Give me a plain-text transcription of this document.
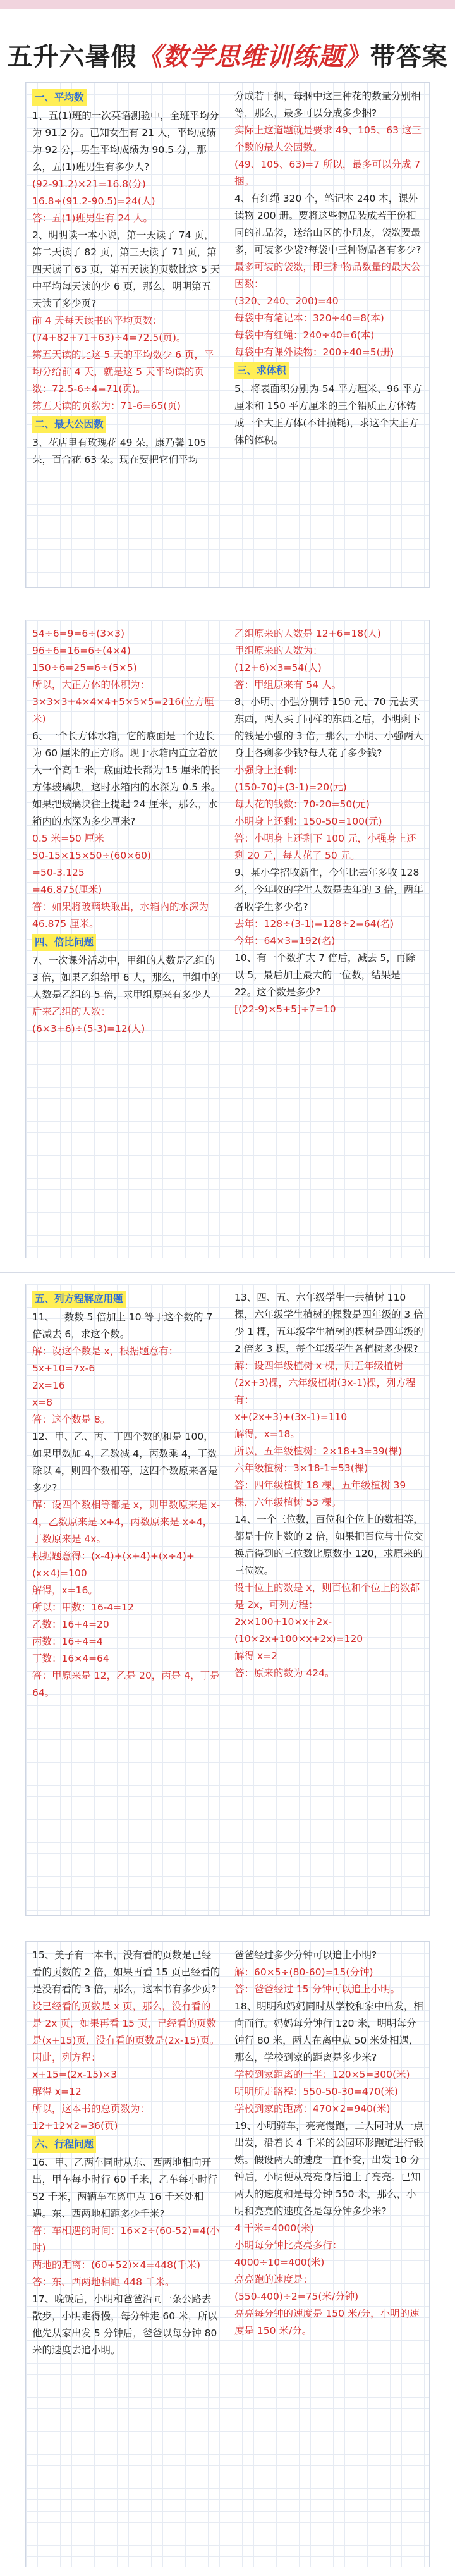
五升六暑假《数学思维训练题》带答案
一、平均数

1、五(1)班的一次英语测验中，全班平均分为 91.2 分。已知女生有 21 人，平均成绩为 92 分，男生平均成绩为 90.5 分，那么，五(1)班男生有多少人?

(92-91.2)×21=16.8(分)

16.8÷(91.2-90.5)=24(人)

答：五(1)班男生有 24 人。

2、明明读一本小说，第一天读了 74 页，第二天读了 82 页，第三天读了 71 页，第四天读了 63 页，第五天读的页数比这 5 天中平均每天读的少 6 页，那么，明明第五天读了多少页?

前 4 天每天读书的平均页数：(74+82+71+63)÷4=72.5(页)。

第五天读的比这 5 天的平均数少 6 页，平均分给前 4 天，就是这 5 天平均读的页数：72.5-6÷4=71(页)。

第五天读的页数为：71-6=65(页)

二、最大公因数

3、花店里有玫瑰花 49 朵，康乃馨 105 朵，百合花 63 朵。现在要把它们平均

分成若干捆，每捆中这三种花的数量分别相等，那么，最多可以分成多少捆?

实际上这道题就是要求 49、105、63 这三个数的最大公因数。

(49、105、63)=7 所以，最多可以分成 7 捆。

4、有红绳 320 个，笔记本 240 本，课外读物 200 册。要将这些物品装成若干份相同的礼品袋，送给山区的小朋友，袋数要最多，可装多少袋?每袋中三种物品各有多少?

最多可装的袋数，即三种物品数量的最大公因数：

(320、240、200)=40

每袋中有笔记本：320÷40=8(本)

每袋中有红绳：240÷40=6(本)

每袋中有课外读物：200÷40=5(册)

三、求体积

5、将表面积分别为 54 平方厘米、96 平方厘米和 150 平方厘米的三个铅质正方体铸成一个大正方体(不计损耗)，求这个大正方体的体积。

54÷6=9=6÷(3×3)

96÷6=16=6÷(4×4)

150÷6=25=6÷(5×5)

所以，大正方体的体积为：

3×3×3+4×4×4+5×5×5=216(立方厘米)

6、一个长方体水箱，它的底面是一个边长为 60 厘米的正方形。现于水箱内直立着放入一个高 1 米，底面边长都为 15 厘米的长方体玻璃块，这时水箱内的水深为 0.5 米。如果把玻璃块往上提起 24 厘米，那么，水箱内的水深为多少厘米?

0.5 米=50 厘米

50-15×15×50÷(60×60)

=50-3.125

=46.875(厘米)

答：如果将玻璃块取出，水箱内的水深为 46.875 厘米。

四、倍比问题

7、一次课外活动中，甲组的人数是乙组的 3 倍，如果乙组给甲 6 人，那么，甲组中的人数是乙组的 5 倍，求甲组原来有多少人

后来乙组的人数：

(6×3+6)÷(5-3)=12(人)

乙组原来的人数是 12+6=18(人)

甲组原来的人数为：

(12+6)×3=54(人)

答：甲组原来有 54 人。

8、小明、小强分别带 150 元、70 元去买东西，两人买了同样的东西之后，小明剩下的钱是小强的 3 倍，那么，小明、小强两人身上各剩多少钱?每人花了多少钱?

小强身上还剩：

(150-70)÷(3-1)=20(元)

每人花的钱数：70-20=50(元)

小明身上还剩：150-50=100(元)

答：小明身上还剩下 100 元，小强身上还剩 20 元，每人花了 50 元。

9、某小学招收新生，今年比去年多收 128 名，今年收的学生人数是去年的 3 倍，两年各收学生多少名?

去年：128÷(3-1)=128÷2=64(名)

今年：64×3=192(名)

10、有一个数扩大 7 倍后，减去 5，再除以 5，最后加上最大的一位数，结果是 22。这个数是多少?

[(22-9)×5+5]÷7=10

五、列方程解应用题

11、一数数 5 倍加上 10 等于这个数的 7 倍减去 6，求这个数。

解：设这个数是 x，根据题意有：

5x+10=7x-6

2x=16

x=8

答：这个数是 8。

12、甲、乙、丙、丁四个数的和是 100，如果甲数加 4，乙数减 4，丙数乘 4，丁数除以 4，则四个数相等，这四个数原来各是多少?

解：设四个数相等都是 x，则甲数原来是 x-4，乙数原来是 x+4，丙数原来是 x÷4，丁数原来是 4x。

根据题意得：(x-4)+(x+4)+(x÷4)+(x×4)=100

解得，x=16。

所以：甲数：16-4=12

乙数：16+4=20

丙数：16÷4=4

丁数：16×4=64

答：甲原来是 12，乙是 20，丙是 4，丁是 64。

13、四、五、六年级学生一共植树 110 棵，六年级学生植树的棵数是四年级的 3 倍少 1 棵，五年级学生植树的棵树是四年级的 2 倍多 3 棵，每个年级学生各植树多少棵?

解：设四年级植树 x 棵，则五年级植树(2x+3)棵，六年级植树(3x-1)棵，列方程有：

x+(2x+3)+(3x-1)=110

解得，x=18。

所以，五年级植树：2×18+3=39(棵)

六年级植树：3×18-1=53(棵)

答：四年级植树 18 棵，五年级植树 39 棵，六年级植树 53 棵。

14、一个三位数，百位和个位上的数相等，都是十位上数的 2 倍，如果把百位与十位交换后得到的三位数比原数小 120，求原来的三位数。

设十位上的数是 x，则百位和个位上的数都是 2x，可列方程：

2x×100+10×x+2x-(10×2x+100×x+2x)=120

解得 x=2

答：原来的数为 424。

15、美子有一本书，没有看的页数是已经看的页数的 2 倍，如果再看 15 页已经看的是没有看的 3 倍，那么，这本书有多少页?

设已经看的页数是 x 页，那么，没有看的是 2x 页，如果再看 15 页，已经看的页数是(x+15)页，没有看的页数是(2x-15)页。

因此，列方程：

x+15=(2x-15)×3

解得 x=12

所以，这本书的总页数为：12+12×2=36(页)

六、行程问题

16、甲、乙两车同时从东、西两地相向开出，甲车每小时行 60 千米，乙车每小时行 52 千米，两辆车在离中点 16 千米处相遇。东、西两地相距多少千米?

答：车相遇的时间：16×2÷(60-52)=4(小时)

两地的距离：(60+52)×4=448(千米)

答：东、西两地相距 448 千米。

17、晚饭后，小明和爸爸沿同一条公路去散步，小明走得慢，每分钟走 60 米，所以他先从家出发 5 分钟后，爸爸以每分钟 80 米的速度去追小明。

爸爸经过多少分钟可以追上小明?

解：60×5÷(80-60)=15(分钟)

答：爸爸经过 15 分钟可以追上小明。

18、明明和妈妈同时从学校和家中出发，相向而行。妈妈每分钟行 120 米，明明每分钟行 80 米，两人在离中点 50 米处相遇，那么，学校到家的距离是多少米?

学校到家距离的一半：120×5=300(米)

明明所走路程：550-50-30=470(米)

学校到家的距离：470×2=940(米)

19、小明骑车，亮亮慢跑，二人同时从一点出发，沿着长 4 千米的公园环形跑道进行锻炼。假设两人的速度一直不变，出发 10 分钟后，小明便从亮亮身后追上了亮亮。已知两人的速度和是每分钟 550 米，那么，小明和亮亮的速度各是每分钟多少米?

4 千米=4000(米)

小明每分钟比亮亮多行：4000÷10=400(米)

亮亮跑的速度是：

(550-400)÷2=75(米/分钟)

亮亮每分钟的速度是 150 米/分，小明的速度是 150 米/分。
